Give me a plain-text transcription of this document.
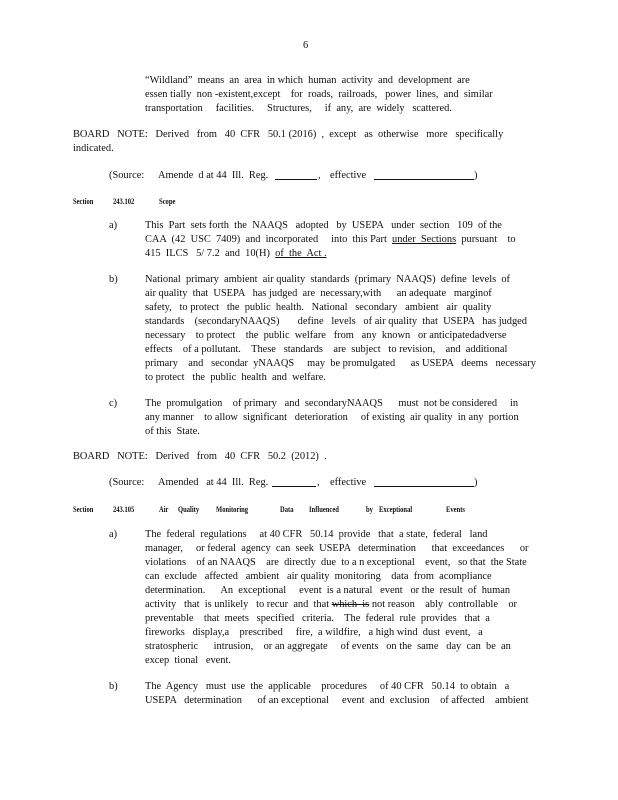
6
“Wildland”  means  an  area  in which  human  activity  and  development  are
essen tially  non -existent,except    for  roads,  railroads,   power  lines,  and  similar
transportation     facilities.     Structures,     if  any,  are  widely   scattered.
BOARD   NOTE:   Derived   from   40  CFR   50.1 (2016)  ,  except   as  otherwise   more   specifically
indicated.
(Source: Amende  d at 44  Ill.  Reg.	, effective	)
Section 243.102	Scope
a)	This  Part  sets forth  the  NAAQS   adopted   by  USEPA   under  section   109  of the
CAA  (42  USC  7409)  and  incorporated     into  this Part  under  Sections  pursuant    to
415  ILCS   5/ 7.2  and  10(H)  of  the  Act .
b)	National  primary  ambient  air quality  standards  (primary  NAAQS)  define  levels  of
air quality  that  USEPA   has judged  are  necessary,with      an adequate   marginof
safety,   to protect   the  public  health.   National   secondary   ambient   air  quality
standards    (secondaryNAAQS)       define   levels   of air quality  that  USEPA   has judged
necessary    to protect    the  public  welfare   from   any  known   or anticipatedadverse
effects    of a pollutant.    These   standards    are  subject   to revision,    and  additional
primary    and   secondar  yNAAQS     may  be promulgated      as USEPA   deems   necessary
to protect   the  public  health  and  welfare.
c)	The  promulgation    of primary   and  secondaryNAAQS      must  not be considered     in
any manner    to allow  significant   deterioration     of existing  air quality  in any  portion
of this  State.
BOARD   NOTE:   Derived   from   40  CFR   50.2  (2012)  .
(Source: Amended   at 44  Ill.  Reg.	, effective	)
Section 243.105	Air Quality Monitoring	Data Influenced	by Exceptional	Events
a)	The  federal  regulations     at 40 CFR   50.14  provide   that  a state,  federal   land
manager,     or federal  agency  can  seek  USEPA   determination      that  exceedances      or
violations    of an NAAQS    are  directly  due  to a n exceptional    event,   so that  the State
can  exclude   affected   ambient   air quality  monitoring    data  from  acompliance
determination.      An  exceptional     event  is a natural   event   or the  result  of  human
activity   that  is unlikely   to recur  and  that which  is not reason    ably  controllable    or
preventable    that  meets   specified   criteria.    The  federal  rule  provides   that  a
fireworks   display,a    prescribed     fire,  a wildfire,   a high wind  dust  event,   a
stratospheric      intrusion,    or an aggregate     of events   on the  same   day  can  be  an
excep  tional   event.
b)	The  Agency   must  use  the  applicable    procedures     of 40 CFR   50.14  to obtain   a
USEPA   determination      of an exceptional     event  and  exclusion    of affected    ambient
